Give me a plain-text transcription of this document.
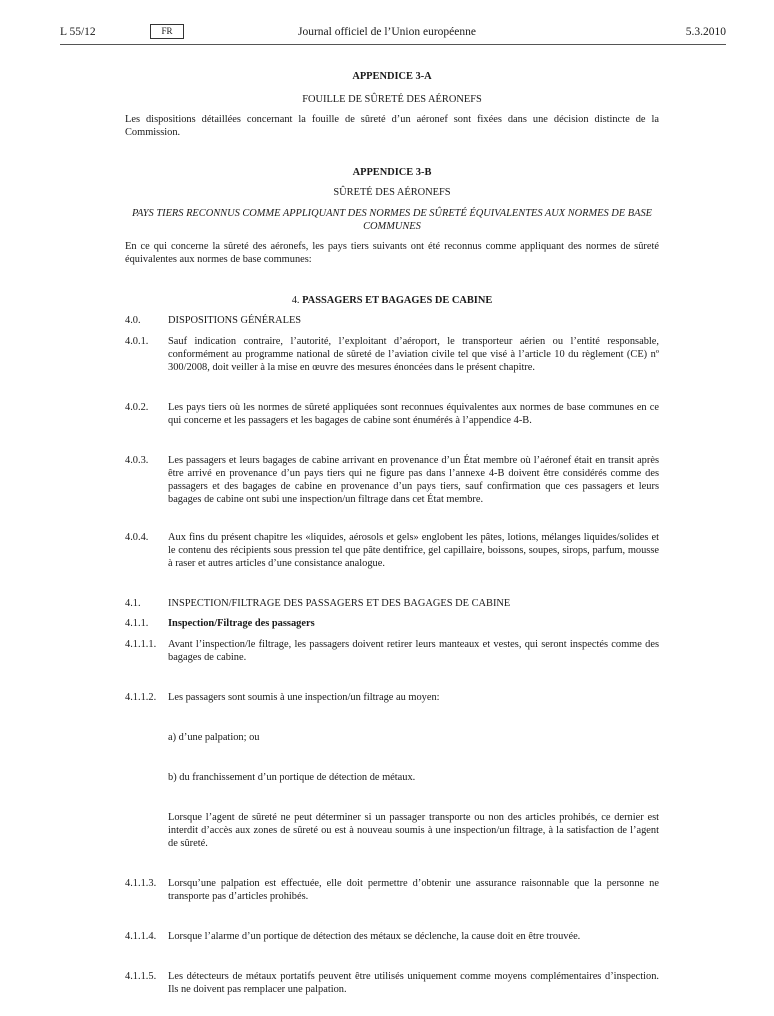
L 55/12	FR	Journal officiel de l’Union européenne	5.3.2010
APPENDICE 3-A
FOUILLE DE SÛRETÉ DES AÉRONEFS
Les dispositions détaillées concernant la fouille de sûreté d’un aéronef sont fixées dans une décision distincte de la Commission.
APPENDICE 3-B
SÛRETÉ DES AÉRONEFS
PAYS TIERS RECONNUS COMME APPLIQUANT DES NORMES DE SÛRETÉ ÉQUIVALENTES AUX NORMES DE BASE COMMUNES
En ce qui concerne la sûreté des aéronefs, les pays tiers suivants ont été reconnus comme appliquant des normes de sûreté équivalentes aux normes de base communes:
4. PASSAGERS ET BAGAGES DE CABINE
4.0.	DISPOSITIONS GÉNÉRALES
4.0.1. Sauf indication contraire, l’autorité, l’exploitant d’aéroport, le transporteur aérien ou l’entité responsable, conformément au programme national de sûreté de l’aviation civile tel que visé à l’article 10 du règlement (CE) nº 300/2008, doit veiller à la mise en œuvre des mesures énoncées dans le présent chapitre.
4.0.2. Les pays tiers où les normes de sûreté appliquées sont reconnues équivalentes aux normes de base communes en ce qui concerne et les passagers et les bagages de cabine sont énumérés à l’appendice 4-B.
4.0.3. Les passagers et leurs bagages de cabine arrivant en provenance d’un État membre où l’aéronef était en transit après être arrivé en provenance d’un pays tiers qui ne figure pas dans l’annexe 4-B doivent être considérés comme des passagers et des bagages de cabine en provenance d’un pays tiers, sauf confirmation que ces passagers et leurs bagages de cabine ont subi une inspection/un filtrage dans cet État membre.
4.0.4. Aux fins du présent chapitre les «liquides, aérosols et gels» englobent les pâtes, lotions, mélanges liquides/solides et le contenu des récipients sous pression tel que pâte dentifrice, gel capillaire, boissons, soupes, sirops, parfum, mousse à raser et autres articles d’une consistance analogue.
4.1.	INSPECTION/FILTRAGE DES PASSAGERS ET DES BAGAGES DE CABINE
4.1.1. Inspection/Filtrage des passagers
4.1.1.1. Avant l’inspection/le filtrage, les passagers doivent retirer leurs manteaux et vestes, qui seront inspectés comme des bagages de cabine.
4.1.1.2. Les passagers sont soumis à une inspection/un filtrage au moyen:
a) d’une palpation; ou
b) du franchissement d’un portique de détection de métaux.
Lorsque l’agent de sûreté ne peut déterminer si un passager transporte ou non des articles prohibés, ce dernier est interdit d’accès aux zones de sûreté ou est à nouveau soumis à une inspection/un filtrage, à la satisfaction de l’agent de sûreté.
4.1.1.3. Lorsqu’une palpation est effectuée, elle doit permettre d’obtenir une assurance raisonnable que la personne ne transporte pas d’articles prohibés.
4.1.1.4. Lorsque l’alarme d’un portique de détection des métaux se déclenche, la cause doit en être trouvée.
4.1.1.5. Les détecteurs de métaux portatifs peuvent être utilisés uniquement comme moyens complémentaires d’inspection. Ils ne doivent pas remplacer une palpation.
